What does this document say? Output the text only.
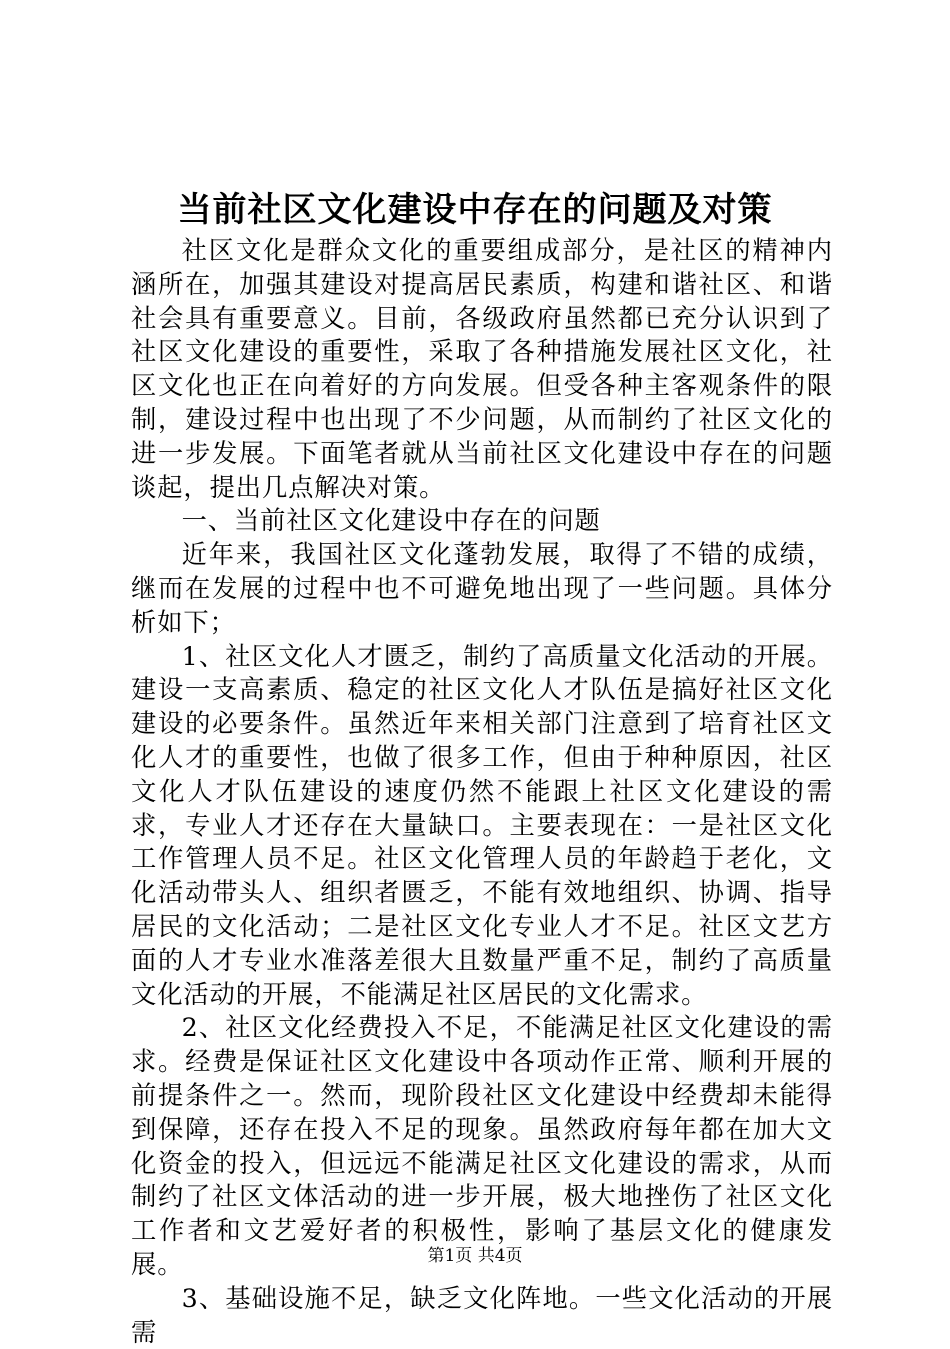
当前社区文化建设中存在的问题及对策

社区文化是群众文化的重要组成部分，是社区的精神内涵所在，加强其建设对提高居民素质，构建和谐社区、和谐社会具有重要意义。目前，各级政府虽然都已充分认识到了社区文化建设的重要性，采取了各种措施发展社区文化，社区文化也正在向着好的方向发展。但受各种主客观条件的限制，建设过程中也出现了不少问题，从而制约了社区文化的进一步发展。下面笔者就从当前社区文化建设中存在的问题谈起，提出几点解决对策。

一、当前社区文化建设中存在的问题

近年来，我国社区文化蓬勃发展，取得了不错的成绩，继而在发展的过程中也不可避免地出现了一些问题。具体分析如下；

1、社区文化人才匮乏，制约了高质量文化活动的开展。建设一支高素质、稳定的社区文化人才队伍是搞好社区文化建设的必要条件。虽然近年来相关部门注意到了培育社区文化人才的重要性，也做了很多工作，但由于种种原因，社区文化人才队伍建设的速度仍然不能跟上社区文化建设的需求，专业人才还存在大量缺口。主要表现在：一是社区文化工作管理人员不足。社区文化管理人员的年龄趋于老化，文化活动带头人、组织者匮乏，不能有效地组织、协调、指导居民的文化活动；二是社区文化专业人才不足。社区文艺方面的人才专业水准落差很大且数量严重不足，制约了高质量文化活动的开展，不能满足社区居民的文化需求。

2、社区文化经费投入不足，不能满足社区文化建设的需求。经费是保证社区文化建设中各项动作正常、顺利开展的前提条件之一。然而，现阶段社区文化建设中经费却未能得到保障，还存在投入不足的现象。虽然政府每年都在加大文化资金的投入，但远远不能满足社区文化建设的需求，从而制约了社区文体活动的进一步开展，极大地挫伤了社区文化工作者和文艺爱好者的积极性，影响了基层文化的健康发展。

3、基础设施不足，缺乏文化阵地。一些文化活动的开展需

第1页 共4页
